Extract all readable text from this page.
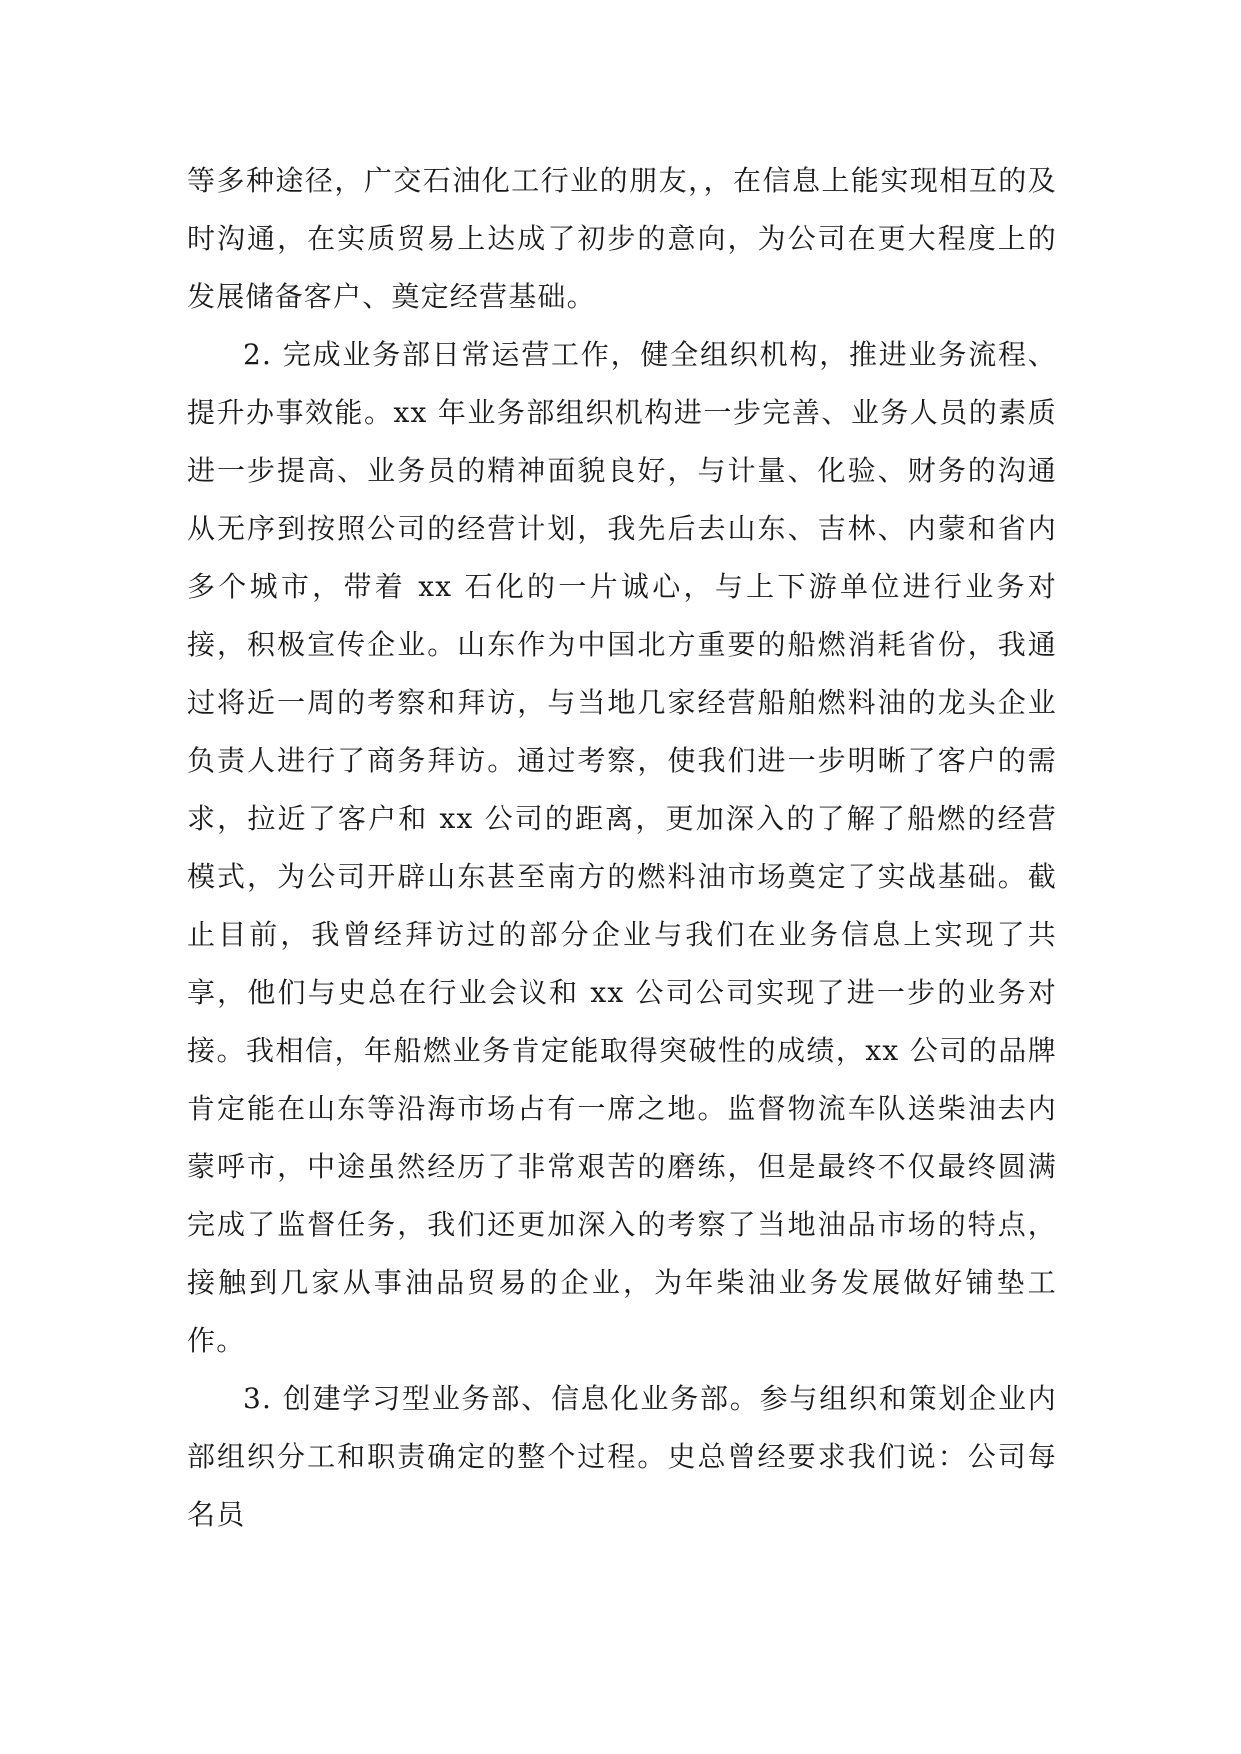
等多种途径，广交石油化工行业的朋友，，在信息上能实现相互的及时沟通，在实质贸易上达成了初步的意向，为公司在更大程度上的发展储备客户、奠定经营基础。

2. 完成业务部日常运营工作，健全组织机构，推进业务流程、提升办事效能。xx 年业务部组织机构进一步完善、业务人员的素质进一步提高、业务员的精神面貌良好，与计量、化验、财务的沟通从无序到按照公司的经营计划，我先后去山东、吉林、内蒙和省内多个城市，带着 xx 石化的一片诚心，与上下游单位进行业务对接，积极宣传企业。山东作为中国北方重要的船燃消耗省份，我通过将近一周的考察和拜访，与当地几家经营船舶燃料油的龙头企业负责人进行了商务拜访。通过考察，使我们进一步明晰了客户的需求，拉近了客户和 xx 公司的距离，更加深入的了解了船燃的经营模式，为公司开辟山东甚至南方的燃料油市场奠定了实战基础。截止目前，我曾经拜访过的部分企业与我们在业务信息上实现了共享，他们与史总在行业会议和 xx 公司公司实现了进一步的业务对接。我相信，年船燃业务肯定能取得突破性的成绩，xx 公司的品牌肯定能在山东等沿海市场占有一席之地。监督物流车队送柴油去内蒙呼市，中途虽然经历了非常艰苦的磨练，但是最终不仅最终圆满完成了监督任务，我们还更加深入的考察了当地油品市场的特点，接触到几家从事油品贸易的企业，为年柴油业务发展做好铺垫工作。

3. 创建学习型业务部、信息化业务部。参与组织和策划企业内部组织分工和职责确定的整个过程。史总曾经要求我们说：公司每名员
